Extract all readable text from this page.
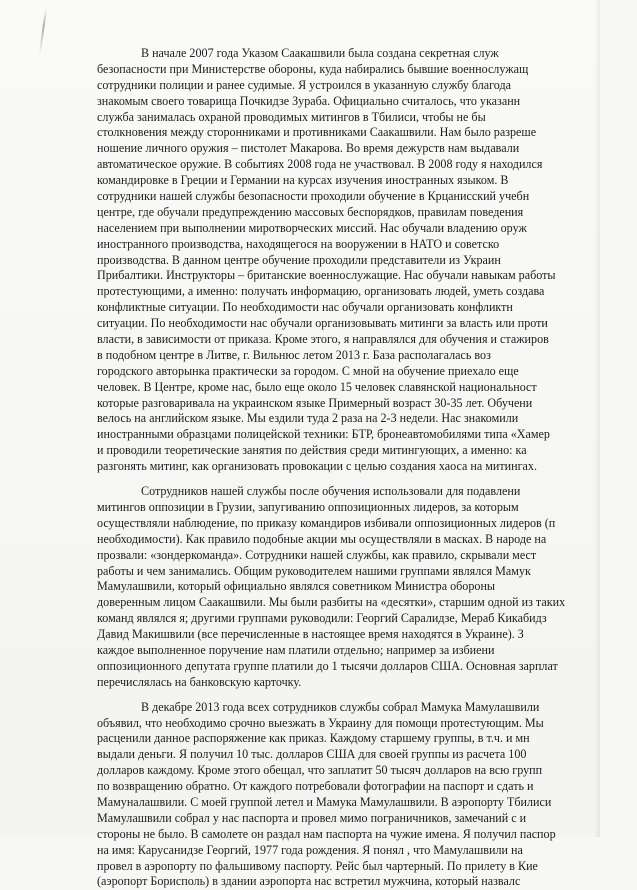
В начале 2007 года Указом Саакашвили была создана секретная служ
безопасности при Министерстве обороны, куда набирались бывшие военнослужащ
сотрудники полиции и ранее судимые. Я устроился в указанную службу благода
знакомым своего товарища Почкидзе Зураба. Официально считалось, что указанн
служба занималась охраной проводимых митингов в Тбилиси, чтобы не бы
столкновения между сторонниками и противниками Саакашвили. Нам было разреше
ношение личного оружия – пистолет Макарова. Во время дежурств нам выдавали
автоматическое оружие. В событиях 2008 года не участвовал. В 2008 году я находился
командировке в Греции и Германии на курсах изучения иностранных языком. В
сотрудники нашей службы безопасности проходили обучение в Крцанисский учебн
центре, где обучали предупреждению массовых беспорядков, правилам поведения
населением при выполнении миротворческих миссий. Нас обучали владению оруж
иностранного производства, находящегося на вооружении в НАТО и советско
производства. В данном центре обучение проходили представители из Украин
Прибалтики. Инструкторы – британские военнослужащие. Нас обучали навыкам работы
протестующими, а именно: получать информацию, организовать людей, уметь создава
конфликтные ситуации. По необходимости нас обучали организовать конфликтн
ситуации. По необходимости нас обучали организовывать митинги за власть или проти
власти, в зависимости от приказа. Кроме этого, я направлялся для обучения и стажиров
в подобном центре в Литве, г. Вильнюс летом 2013 г. База располагалась воз
городского авторынка практически за городом. С мной на обучение приехало еще
человек. В Центре, кроме нас, было еще около 15 человек славянской национальност
которые разговаривала на украинском языке Примерный возраст 30-35 лет. Обучени
велось на английском языке. Мы ездили туда 2 раза на 2-3 недели. Нас знакомили
иностранными образцами полицейской техники: БТР, бронеавтомобилями типа «Хамер
и проводили теоретические занятия по действия среди митингующих, а именно: ка
разгонять митинг, как организовать провокации с целью создания хаоса на митингах.
Сотрудников нашей службы после обучения использовали для подавлени
митингов оппозиции в Грузии, запугиванию оппозиционных лидеров, за которым
осуществляли наблюдение, по приказу командиров избивали оппозиционных лидеров (п
необходимости). Как правило подобные акции мы осуществляли в масках. В народе на
прозвали: «зондеркоманда». Сотрудники нашей службы, как правило, скрывали мест
работы и чем занимались. Общим руководителем нашими группами являлся Мамук
Мамулашвили, который официально являлся советником Министра обороны
доверенным лицом Саакашвили. Мы были разбиты на «десятки», старшим одной из таких
команд являлся я; другими группами руководили: Георгий Саралидзе, Мераб Кикабидз
Давид Макишвили (все перечисленные в настоящее время находятся в Украине). З
каждое выполненное поручение нам платили отдельно; например за избиени
оппозиционного депутата группе платили до 1 тысячи долларов США. Основная зарплат
перечислялась на банковскую карточку.
В декабре 2013 года всех сотрудников службы собрал Мамука Мамулашвили
объявил, что необходимо срочно выезжать в Украину для помощи протестующим. Мы
расценили данное распоряжение как приказ. Каждому старшему группы, в т.ч. и мн
выдали деньги. Я получил 10 тыс. долларов США для своей группы из расчета 100
долларов каждому. Кроме этого обещал, что заплатит 50 тысяч долларов на всю групп
по возвращению обратно. От каждого потребовали фотографии на паспорт и сдать и
Мамуналашвили. С моей группой летел и Мамука Мамулашвили. В аэропорту Тбилиси
Мамулашвили собрал у нас паспорта и провел мимо пограничников, замечаний с и
стороны не было. В самолете он раздал нам паспорта на чужие имена. Я получил паспор
на имя: Карусанидзе Георгий, 1977 года рождения. Я понял , что Мамулашвили на
провел в аэропорту по фальшивому паспорту. Рейс был чартерный. По прилету в Кие
(аэропорт Борисполь) в здании аэропорта нас встретил мужчина, который назвалс
